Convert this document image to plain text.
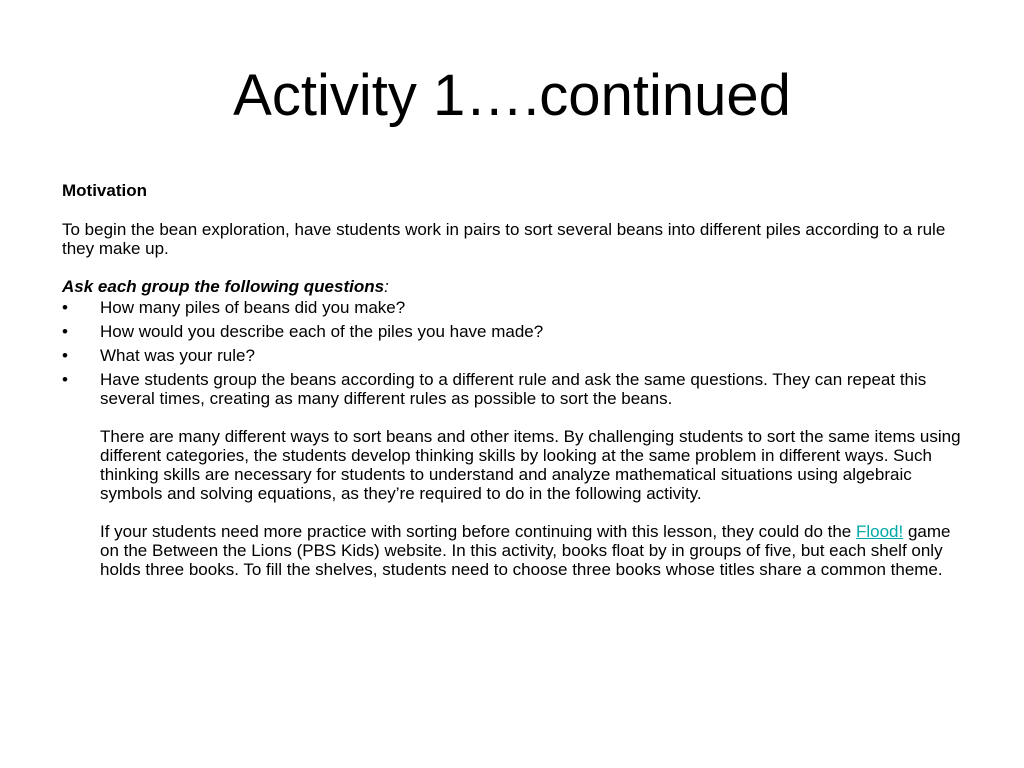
Activity 1….continued

Motivation

To begin the bean exploration, have students work in pairs to sort several beans into different piles according to a rule they make up.

Ask each group the following questions:

• How many piles of beans did you make?
• How would you describe each of the piles you have made?
• What was your rule?
• Have students group the beans according to a different rule and ask the same questions. They can repeat this several times, creating as many different rules as possible to sort the beans.
There are many different ways to sort beans and other items. By challenging students to sort the same items using different categories, the students develop thinking skills by looking at the same problem in different ways. Such thinking skills are necessary for students to understand and analyze mathematical situations using algebraic symbols and solving equations, as they’re required to do in the following activity.
If your students need more practice with sorting before continuing with this lesson, they could do the Flood! game on the Between the Lions (PBS Kids) website. In this activity, books float by in groups of five, but each shelf only holds three books. To fill the shelves, students need to choose three books whose titles share a common theme.
